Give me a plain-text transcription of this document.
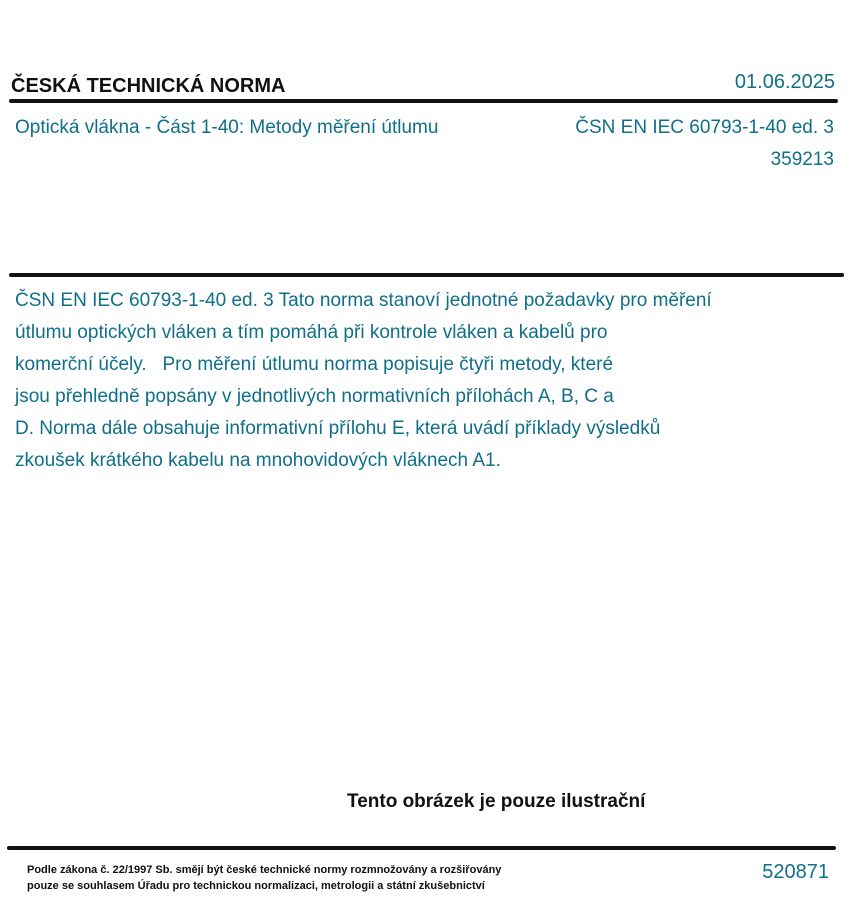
ČESKÁ TECHNICKÁ NORMA	01.06.2025
Optická vlákna - Část 1-40: Metody měření útlumu	ČSN EN IEC 60793-1-40 ed. 3
359213
ČSN EN IEC 60793-1-40 ed. 3 Tato norma stanoví jednotné požadavky pro měření
útlumu optických vláken a tím pomáhá při kontrole vláken a kabelů pro
komerční účely.   Pro měření útlumu norma popisuje čtyři metody, které
jsou přehledně popsány v jednotlivých normativních přílohách A, B, C a
D. Norma dále obsahuje informativní přílohu E, která uvádí příklady výsledků
zkoušek krátkého kabelu na mnohovidových vláknech A1.
Tento obrázek je pouze ilustrační
Podle zákona č. 22/1997 Sb. smějí být české technické normy rozmnožovány a rozšiřovány
pouze se souhlasem Úřadu pro technickou normalizaci, metrologii a státní zkušebnictví
520871
